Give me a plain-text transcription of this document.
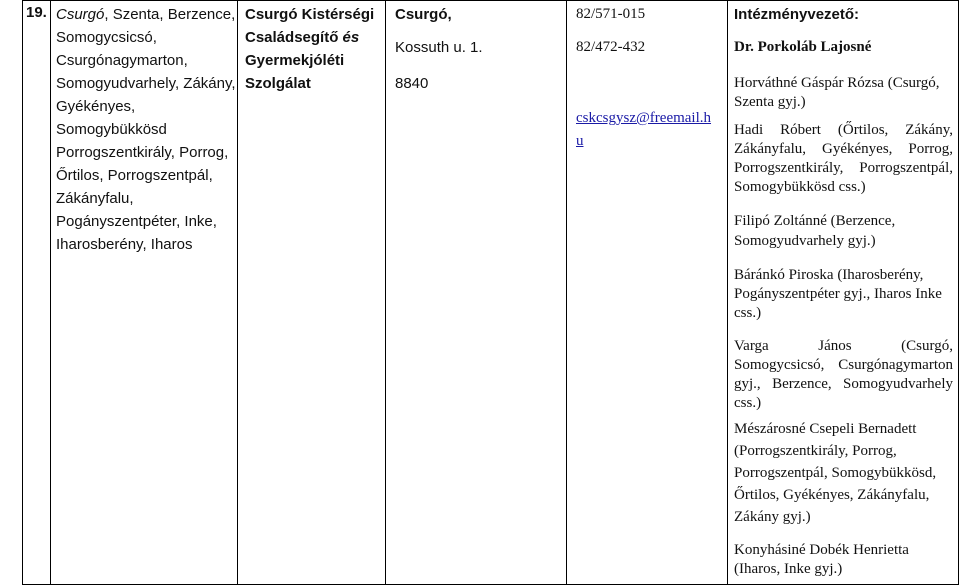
19. Csurgó, Szenta, Berzence,
Somogycsicsó,
Csurgónagymarton,
Somogyudvarhely, Zákány,
Gyékényes,
Somogybükkösd
Porrogszentkirály, Porrog,
Őrtilos, Porrogszentpál,
Zákányfalu,
Pogányszentpéter, Inke,
Iharosberény, Iharos
Csurgó Kistérségi
Családsegítő és
Gyermekjóléti
Szolgálat
Csurgó,
Kossuth u. 1.
8840
82/571-015
82/472-432
cskcsgysz@freemail.h
u
Intézményvezető:
Dr. Porkoláb Lajosné
Horváthné Gáspár Rózsa (Csurgó,
Szenta gyj.)
Hadi Róbert (Őrtilos, Zákány,
Zákányfalu, Gyékényes, Porrog,
Porrogszentkirály, Porrogszentpál,
Somogybükkösd css.)
Filipó Zoltánné (Berzence,
Somogyudvarhely gyj.)
Báránkó Piroska (Iharosberény,
Pogányszentpéter gyj., Iharos Inke
css.)
Varga János (Csurgó,
Somogycsicsó, Csurgónagymarton
gyj., Berzence, Somogyudvarhely
css.)
Mészárosné Csepeli Bernadett
(Porrogszentkirály, Porrog,
Porrogszentpál, Somogybükkösd,
Őrtilos, Gyékényes, Zákányfalu,
Zákány gyj.)
Konyhásiné Dobék Henrietta
(Iharos, Inke gyj.)
